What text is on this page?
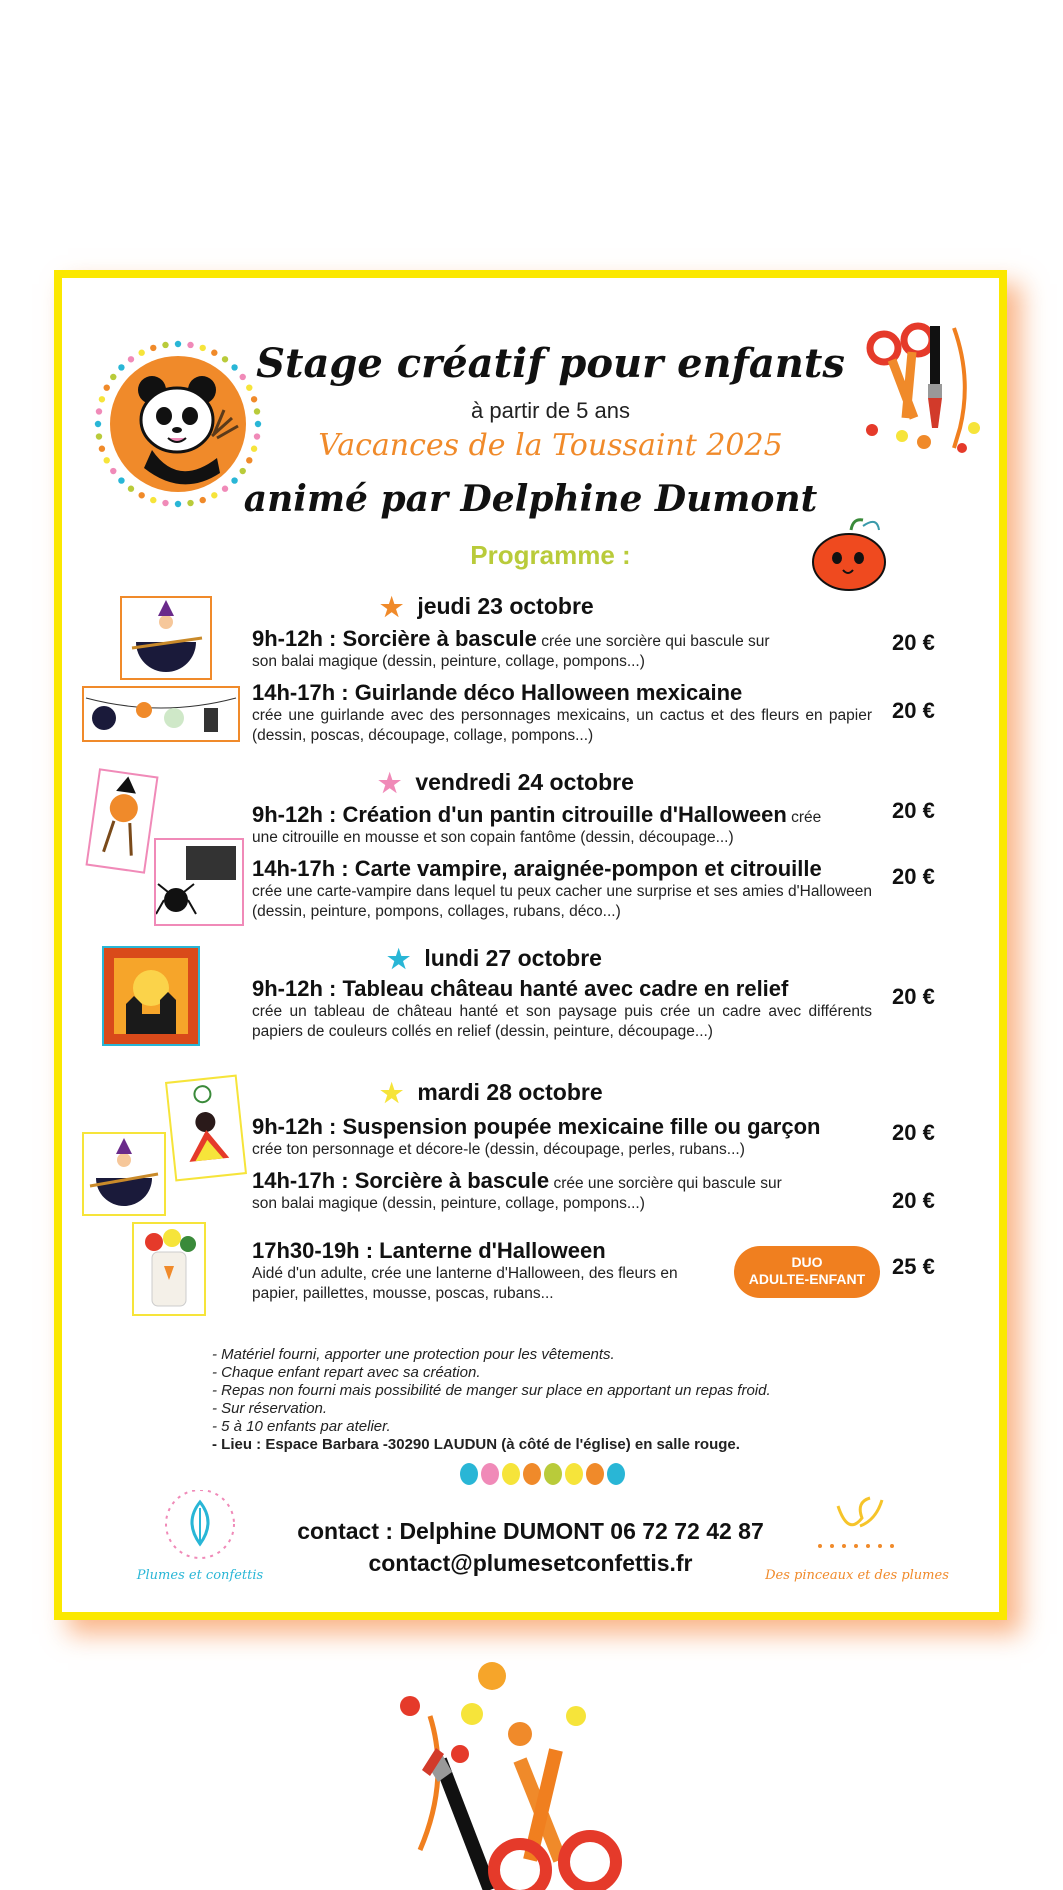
Stage créatif pour enfants
à partir de 5 ans
Vacances de la Toussaint 2025
animé par Delphine Dumont
Programme :
★ jeudi 23 octobre
9h-12h : Sorcière à bascule crée une sorcière qui bascule sur
son balai magique (dessin, peinture, collage, pompons...)
20 €
14h-17h : Guirlande déco Halloween mexicaine
crée une guirlande avec des personnages mexicains, un cactus et des fleurs en papier (dessin, poscas, découpage, collage, pompons...)
20 €
★ vendredi 24 octobre
9h-12h : Création d'un pantin citrouille d'Halloween crée
une citrouille en mousse et son copain fantôme (dessin, découpage...)
20 €
14h-17h : Carte vampire, araignée-pompon et citrouille
crée une carte-vampire dans lequel tu peux cacher une surprise et ses amies d'Halloween (dessin, peinture, pompons, collages, rubans, déco...)
20 €
★ lundi 27 octobre
9h-12h : Tableau château hanté avec cadre en relief
crée un tableau de château hanté et son paysage puis crée un cadre avec différents papiers de couleurs collés en relief (dessin, peinture, découpage...)
20 €
★ mardi 28 octobre
9h-12h : Suspension poupée mexicaine fille ou garçon
crée ton personnage et décore-le (dessin, découpage, perles, rubans...)
20 €
14h-17h : Sorcière à bascule crée une sorcière qui bascule sur
son balai magique (dessin, peinture, collage, pompons...)	20 €
17h30-19h : Lanterne d'Halloween
Aidé d'un adulte, crée une lanterne d'Halloween, des fleurs en papier, paillettes, mousse, poscas, rubans...
DUO
ADULTE-ENFANT	25 €
- Matériel fourni, apporter une protection pour les vêtements.
- Chaque enfant repart avec sa création.
- Repas non fourni mais possibilité de manger sur place en apportant un repas froid.
- Sur réservation.
- 5 à 10 enfants par atelier.
- Lieu : Espace Barbara -30290 LAUDUN (à côté de l'église) en salle rouge.
Plumes et confettis
contact : Delphine DUMONT 06 72 72 42 87
contact@plumesetconfettis.fr	Des pinceaux et des plumes
